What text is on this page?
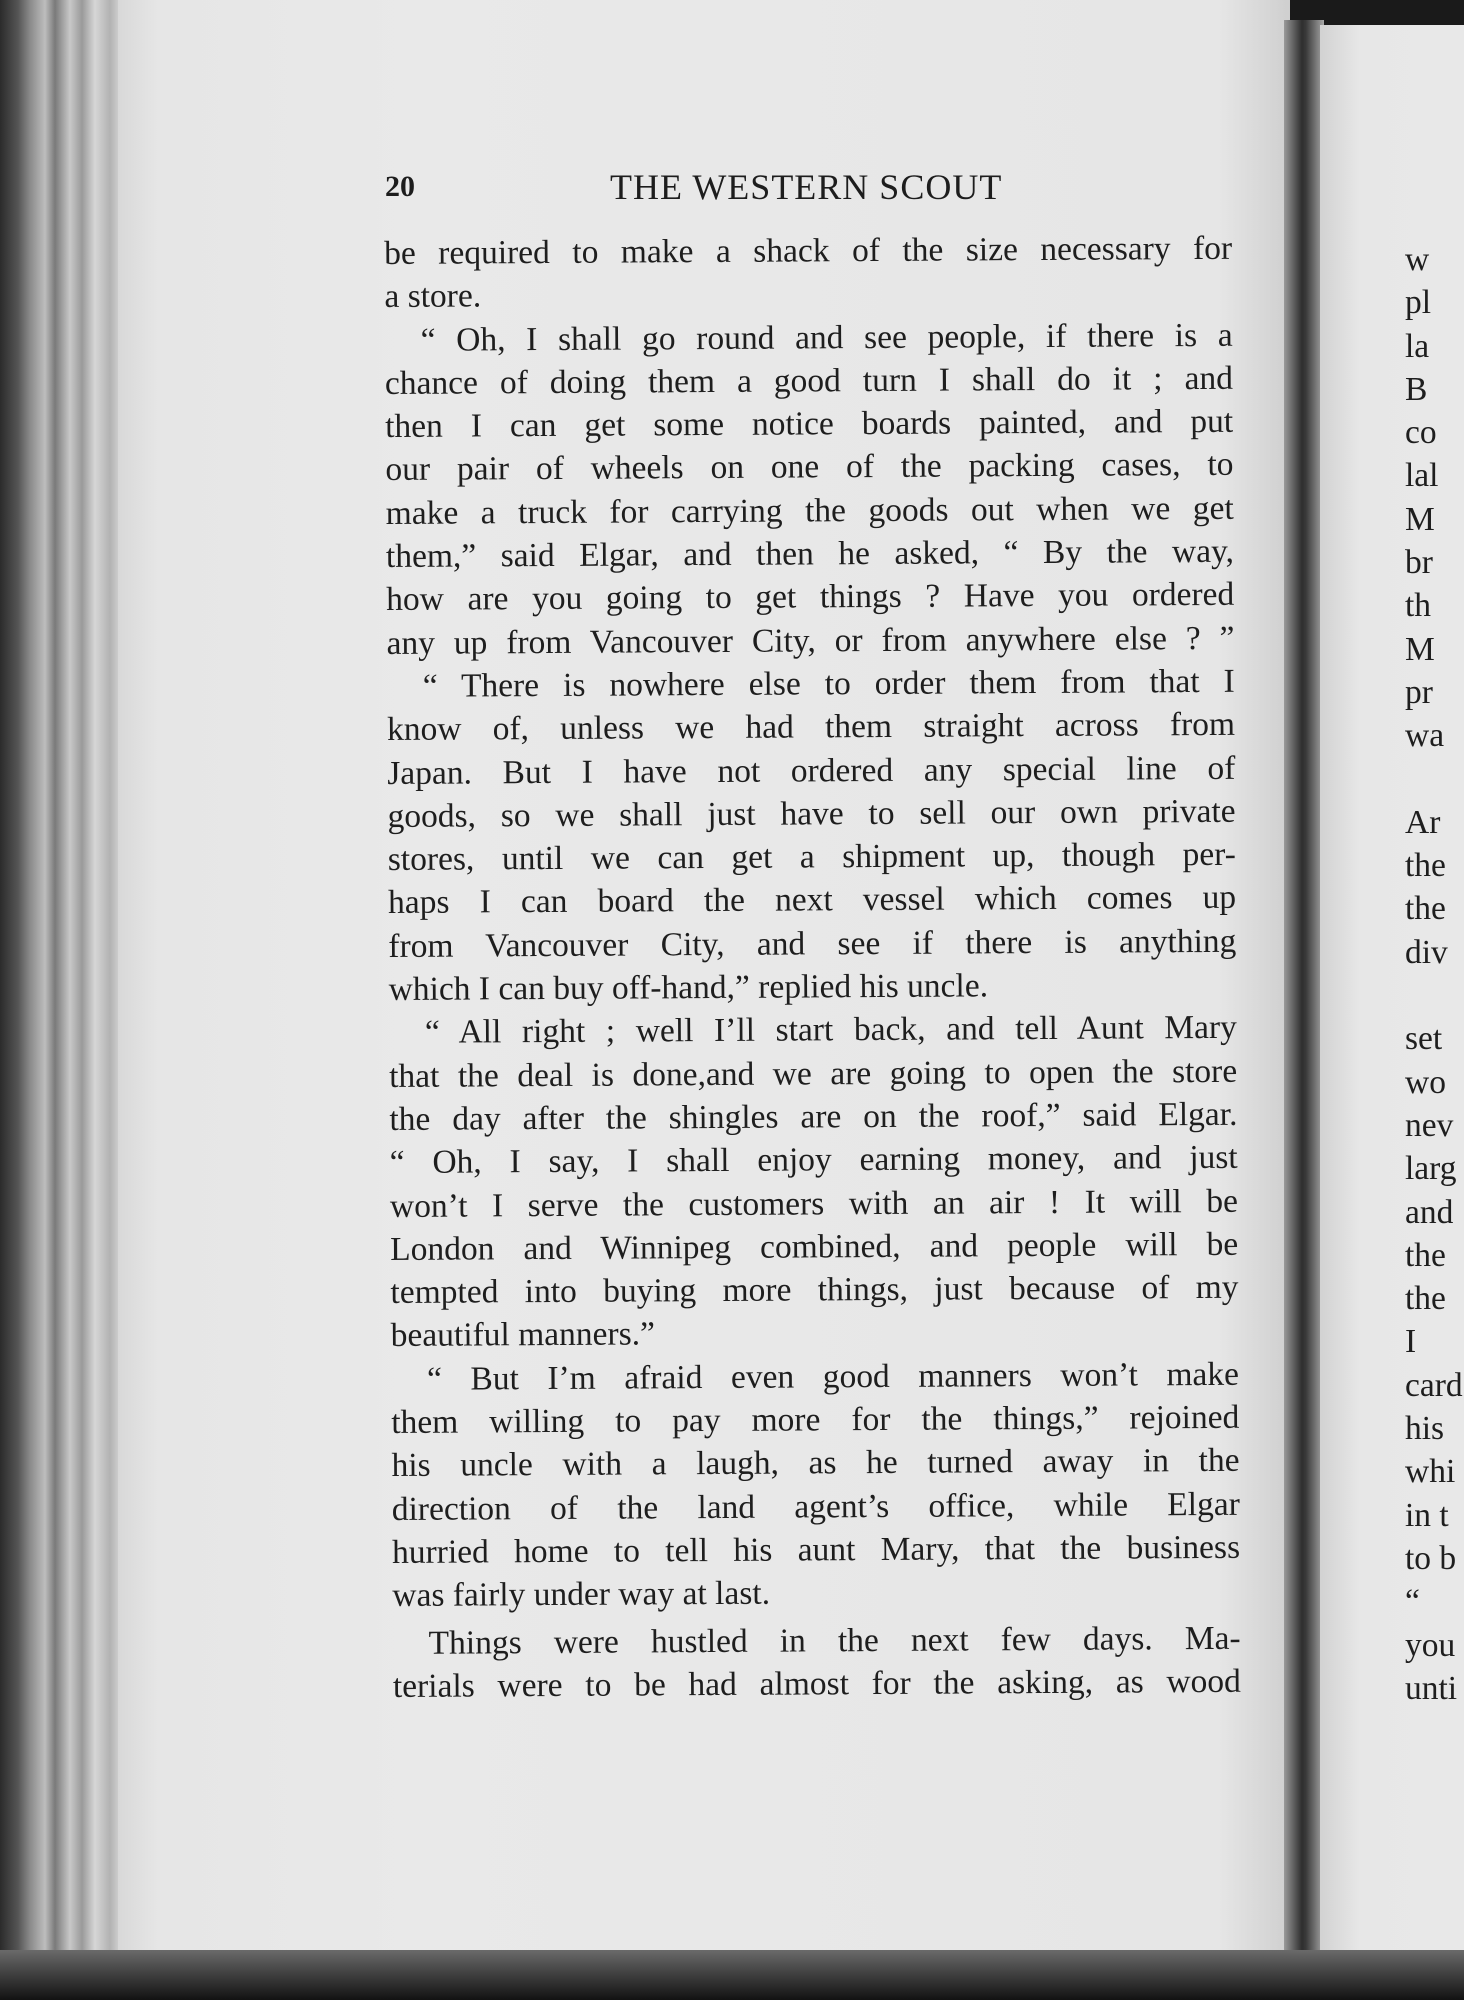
20	THE WESTERN SCOUT
be required to make a shack of the size necessary for
a store.
“ Oh, I shall go round and see people, if there is a
chance of doing them a good turn I shall do it ; and
then I can get some notice boards painted, and put
our pair of wheels on one of the packing cases, to
make a truck for carrying the goods out when we get
them,” said Elgar, and then he asked, “ By the way,
how are you going to get things ? Have you ordered
any up from Vancouver City, or from anywhere else ? ”
“ There is nowhere else to order them from that I
know of, unless we had them straight across from
Japan. But I have not ordered any special line of
goods, so we shall just have to sell our own private
stores, until we can get a shipment up, though per-
haps I can board the next vessel which comes up
from Vancouver City, and see if there is anything
which I can buy off-hand,” replied his uncle.
“ All right ; well I’ll start back, and tell Aunt Mary
that the deal is done,and we are going to open the store
the day after the shingles are on the roof,” said Elgar.
“ Oh, I say, I shall enjoy earning money, and just
won’t I serve the customers with an air ! It will be
London and Winnipeg combined, and people will be
tempted into buying more things, just because of my
beautiful manners.”
“ But I’m afraid even good manners won’t make
them willing to pay more for the things,” rejoined
his uncle with a laugh, as he turned away in the
direction of the land agent’s office, while Elgar
hurried home to tell his aunt Mary, that the business
was fairly under way at last.
Things were hustled in the next few days. Ma-
terials were to be had almost for the asking, as wood
w
pl
la
B
co
lal
M
br
th
M
pr
wa
Ar
the
the
div
set
wo
nev
larg
and
the
the
I
card
his
whi
in t
to b
“
you
unti
